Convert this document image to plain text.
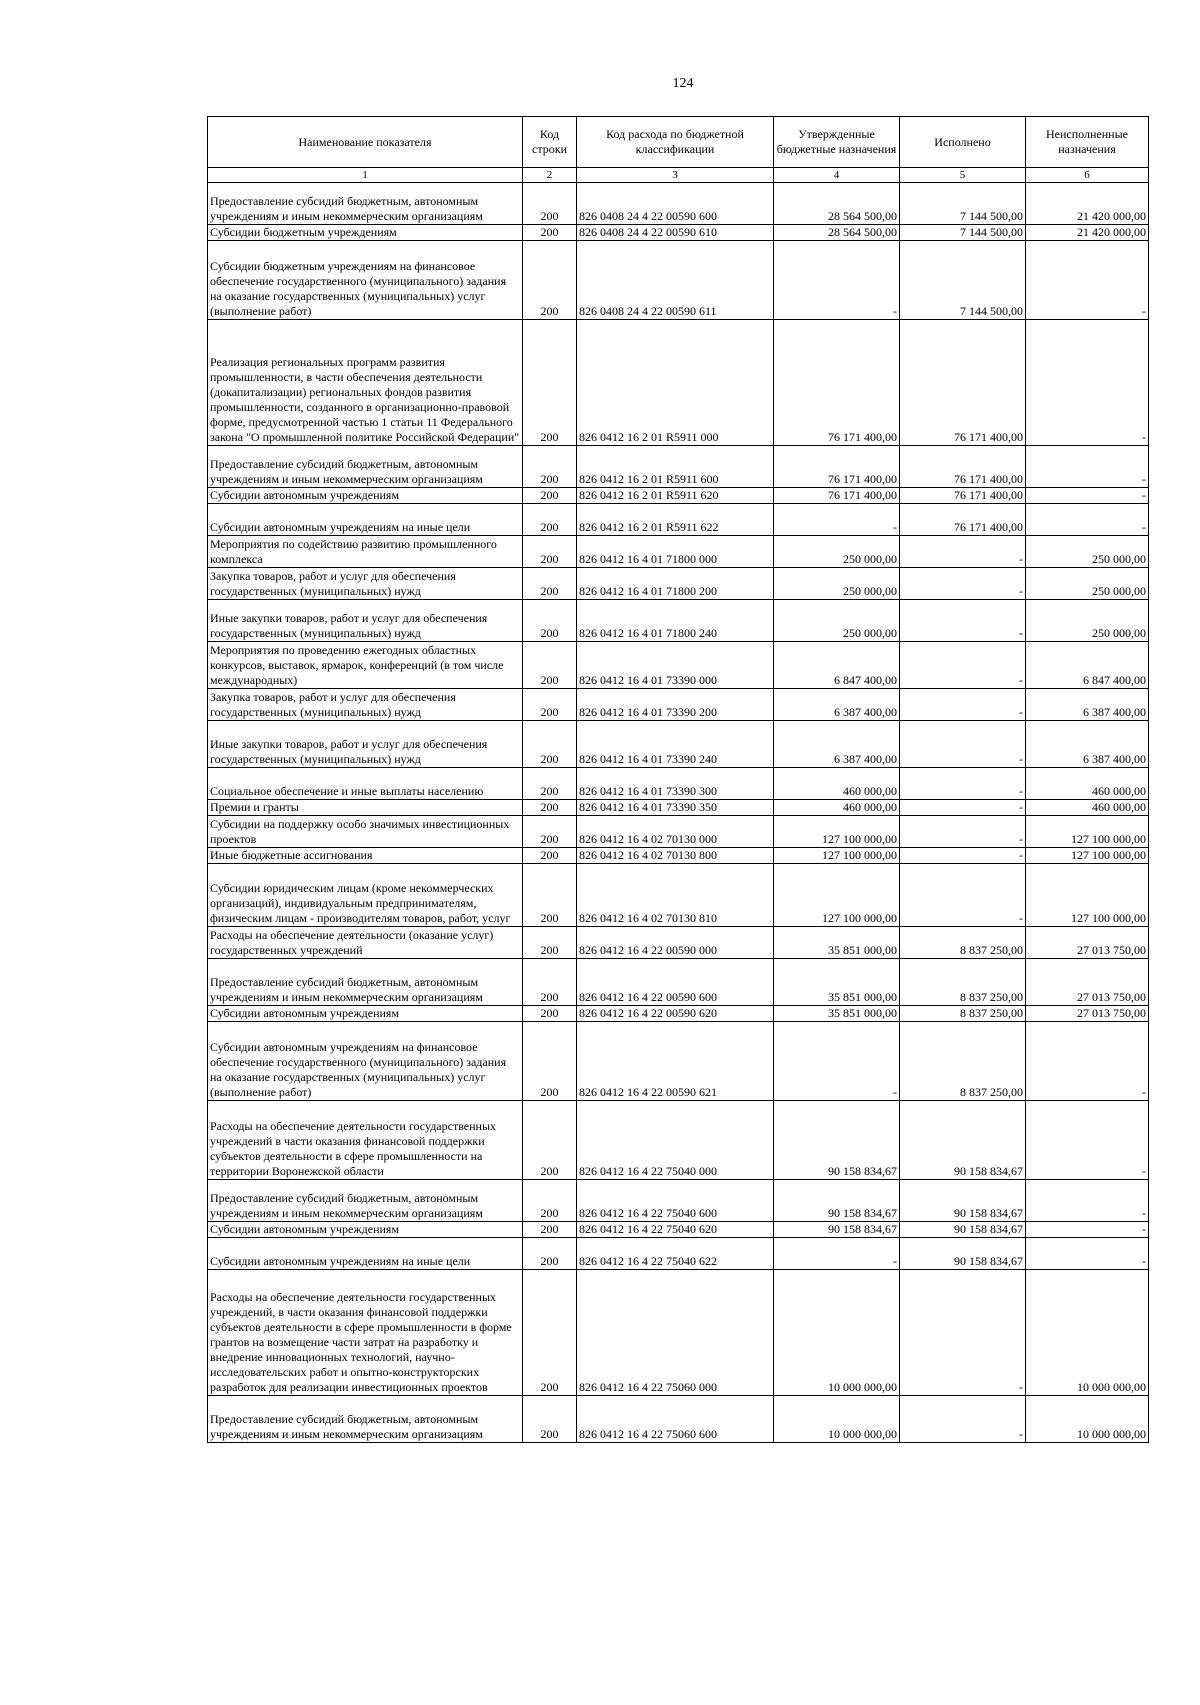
124
Наименование показателя	Код строки	Код расхода по бюджетной классификации	Утвержденные бюджетные назначения	Исполнено	Неисполненные назначения
1	2	3	4	5	6
Предоставление субсидий бюджетным, автономным учреждениям и иным некоммерческим организациям	200	826 0408 24 4 22 00590 600	28 564 500,00	7 144 500,00	21 420 000,00
Субсидии бюджетным учреждениям	200	826 0408 24 4 22 00590 610	28 564 500,00	7 144 500,00	21 420 000,00
Субсидии бюджетным учреждениям на финансовое обеспечение государственного (муниципального) задания на оказание государственных (муниципальных) услуг (выполнение работ)	200	826 0408 24 4 22 00590 611	-	7 144 500,00	-
Реализация региональных программ развития промышленности, в части обеспечения деятельности (докапитализации) региональных фондов развития промышленности, созданного в организационно-правовой форме, предусмотренной частью 1 статьи 11 Федерального закона "О промышленной политике Российской Федерации"	200	826 0412 16 2 01 R5911 000	76 171 400,00	76 171 400,00	-
Предоставление субсидий бюджетным, автономным учреждениям и иным некоммерческим организациям	200	826 0412 16 2 01 R5911 600	76 171 400,00	76 171 400,00	-
Субсидии автономным учреждениям	200	826 0412 16 2 01 R5911 620	76 171 400,00	76 171 400,00	-
Субсидии автономным учреждениям на иные цели	200	826 0412 16 2 01 R5911 622	-	76 171 400,00	-
Мероприятия по содействию развитию промышленного комплекса	200	826 0412 16 4 01 71800 000	250 000,00	-	250 000,00
Закупка товаров, работ и услуг для обеспечения государственных (муниципальных) нужд	200	826 0412 16 4 01 71800 200	250 000,00	-	250 000,00
Иные закупки товаров, работ и услуг для обеспечения государственных (муниципальных) нужд	200	826 0412 16 4 01 71800 240	250 000,00	-	250 000,00
Мероприятия по проведению ежегодных областных конкурсов, выставок, ярмарок, конференций (в том числе международных)	200	826 0412 16 4 01 73390 000	6 847 400,00	-	6 847 400,00
Закупка товаров, работ и услуг для обеспечения государственных (муниципальных) нужд	200	826 0412 16 4 01 73390 200	6 387 400,00	-	6 387 400,00
Иные закупки товаров, работ и услуг для обеспечения государственных (муниципальных) нужд	200	826 0412 16 4 01 73390 240	6 387 400,00	-	6 387 400,00
Социальное обеспечение и иные выплаты населению	200	826 0412 16 4 01 73390 300	460 000,00	-	460 000,00
Премии и гранты	200	826 0412 16 4 01 73390 350	460 000,00	-	460 000,00
Субсидии на поддержку особо значимых инвестиционных проектов	200	826 0412 16 4 02 70130 000	127 100 000,00	-	127 100 000,00
Иные бюджетные ассигнования	200	826 0412 16 4 02 70130 800	127 100 000,00	-	127 100 000,00
Субсидии юридическим лицам (кроме некоммерческих организаций), индивидуальным предпринимателям, физическим лицам - производителям товаров, работ, услуг	200	826 0412 16 4 02 70130 810	127 100 000,00	-	127 100 000,00
Расходы на обеспечение деятельности (оказание услуг) государственных учреждений	200	826 0412 16 4 22 00590 000	35 851 000,00	8 837 250,00	27 013 750,00
Предоставление субсидий бюджетным, автономным учреждениям и иным некоммерческим организациям	200	826 0412 16 4 22 00590 600	35 851 000,00	8 837 250,00	27 013 750,00
Субсидии автономным учреждениям	200	826 0412 16 4 22 00590 620	35 851 000,00	8 837 250,00	27 013 750,00
Субсидии автономным учреждениям на финансовое обеспечение государственного (муниципального) задания на оказание государственных (муниципальных) услуг (выполнение работ)	200	826 0412 16 4 22 00590 621	-	8 837 250,00	-
Расходы на обеспечение деятельности государственных учреждений в части оказания финансовой поддержки субъектов деятельности в сфере промышленности на территории Воронежской области	200	826 0412 16 4 22 75040 000	90 158 834,67	90 158 834,67	-
Предоставление субсидий бюджетным, автономным учреждениям и иным некоммерческим организациям	200	826 0412 16 4 22 75040 600	90 158 834,67	90 158 834,67	-
Субсидии автономным учреждениям	200	826 0412 16 4 22 75040 620	90 158 834,67	90 158 834,67	-
Субсидии автономным учреждениям на иные цели	200	826 0412 16 4 22 75040 622	-	90 158 834,67	-
Расходы на обеспечение деятельности государственных учреждений, в части оказания финансовой поддержки субъектов деятельности в сфере промышленности в форме грантов на возмещение части затрат на разработку и внедрение инновационных технологий, научно-исследовательских работ и опытно-конструкторских разработок для реализации инвестиционных проектов	200	826 0412 16 4 22 75060 000	10 000 000,00	-	10 000 000,00
Предоставление субсидий бюджетным, автономным учреждениям и иным некоммерческим организациям	200	826 0412 16 4 22 75060 600	10 000 000,00	-	10 000 000,00
